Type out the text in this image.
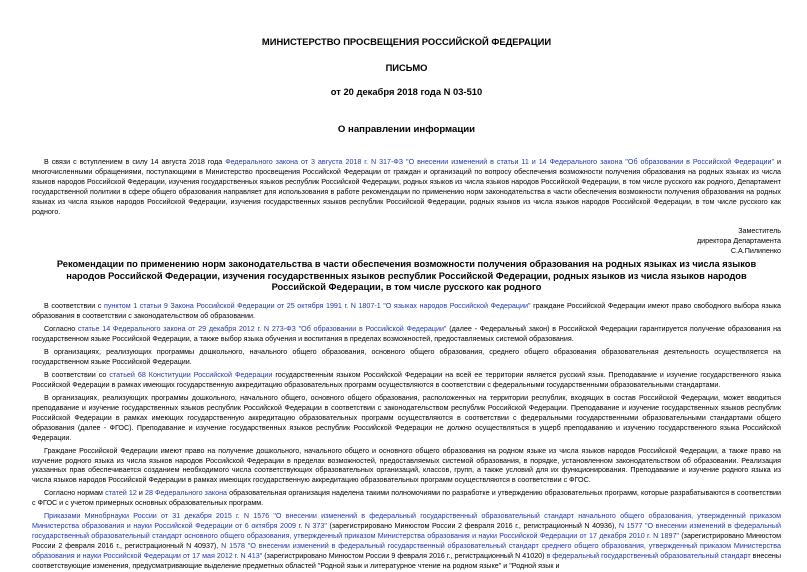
МИНИСТЕРСТВО ПРОСВЕЩЕНИЯ РОССИЙСКОЙ ФЕДЕРАЦИИ
ПИСЬМО
от 20 декабря 2018 года N 03-510
О направлении информации

В связи с вступлением в силу 14 августа 2018 года Федерального закона от 3 августа 2018 г. N 317-ФЗ "О внесении изменений в статьи 11 и 14 Федерального закона "Об образовании в Российской Федерации" и многочисленными обращениями, поступающими в Министерство просвещения Российской Федерации от граждан и организаций по вопросу обеспечения возможности получения образования на родных языках из числа языков народов Российской Федерации, изучения государственных языков республик Российской Федерации, родных языков из числа языков народов Российской Федерации, в том числе русского как родного, Департамент государственной политики в сфере общего образования направляет для использования в работе рекомендации по применению норм законодательства в части обеспечения возможности получения образования на родных языках из числа языков народов Российской Федерации, изучения государственных языков республик Российской Федерации, родных языков из числа языков народов Российской Федерации, в том числе русского как родного.

Заместитель
директора Департамента
С.А.Пилипенко
Рекомендации по применению норм законодательства в части обеспечения возможности получения образования на родных языках из числа языков народов Российской Федерации, изучения государственных языков республик Российской Федерации, родных языков из числа языков народов Российской Федерации, в том числе русского как родного

В соответствии с пунктом 1 статьи 9 Закона Российской Федерации от 25 октября 1991 г. N 1807-1 "О языках народов Российской Федерации" граждане Российской Федерации имеют право свободного выбора языка образования в соответствии с законодательством об образовании.

Согласно статье 14 Федерального закона от 29 декабря 2012 г. N 273-ФЗ "Об образовании в Российской Федерации" (далее - Федеральный закон) в Российской Федерации гарантируется получение образования на государственном языке Российской Федерации, а также выбор языка обучения и воспитания в пределах возможностей, предоставляемых системой образования.

В организациях, реализующих программы дошкольного, начального общего образования, основного общего образования, среднего общего образования образовательная деятельность осуществляется на государственном языке Российской Федерации.

В соответствии со статьей 68 Конституции Российской Федерации государственным языком Российской Федерации на всей ее территории является русский язык. Преподавание и изучение государственного языка Российской Федерации в рамках имеющих государственную аккредитацию образовательных программ осуществляются в соответствии с федеральными государственными образовательными стандартами.

В организациях, реализующих программы дошкольного, начального общего, основного общего образования, расположенных на территории республик, входящих в состав Российской Федерации, может вводиться преподавание и изучение государственных языков республик Российской Федерации в соответствии с законодательством республик Российской Федерации. Преподавание и изучение государственных языков республик Российской Федерации в рамках имеющих государственную аккредитацию образовательных программ осуществляются в соответствии с федеральными государственными образовательными стандартами общего образования (далее - ФГОС). Преподавание и изучение государственных языков республик Российской Федерации не должно осуществляться в ущерб преподаванию и изучению государственного языка Российской Федерации.

Граждане Российской Федерации имеют право на получение дошкольного, начального общего и основного общего образования на родном языке из числа языков народов Российской Федерации, а также право на изучение родного языка из числа языков народов Российской Федерации в пределах возможностей, предоставляемых системой образования, в порядке, установленном законодательством об образовании. Реализация указанных прав обеспечивается созданием необходимого числа соответствующих образовательных организаций, классов, групп, а также условий для их функционирования. Преподавание и изучение родного языка из числа языков народов Российской Федерации в рамках имеющих государственную аккредитацию образовательных программ осуществляются в соответствии с ФГОС.

Согласно нормам статей 12 и 28 Федерального закона образовательная организация наделена такими полномочиями по разработке и утверждению образовательных программ, которые разрабатываются в соответствии с ФГОС и с учетом примерных основных образовательных программ.

Приказами Минобрнауки России от 31 декабря 2015 г. N 1576 "О внесении изменений в федеральный государственный образовательный стандарт начального общего образования, утвержденный приказом Министерства образования и науки Российской Федерации от 6 октября 2009 г. N 373" (зарегистрировано Минюстом России 2 февраля 2016 г., регистрационный N 40936), N 1577 "О внесении изменений в федеральный государственный образовательный стандарт основного общего образования, утвержденный приказом Министерства образования и науки Российской Федерации от 17 декабря 2010 г. N 1897" (зарегистрировано Минюстом России 2 февраля 2016 г., регистрационный N 40937), N 1578 "О внесении изменений в федеральный государственный образовательный стандарт среднего общего образования, утвержденный приказом Министерства образования и науки Российской Федерации от 17 мая 2012 г. N 413" (зарегистрировано Минюстом России 9 февраля 2016 г., регистрационный N 41020) в федеральный государственный образовательный стандарт внесены соответствующие изменения, предусматривающие выделение предметных областей "Родной язык и литературное чтение на родном языке" и "Родной язык и
